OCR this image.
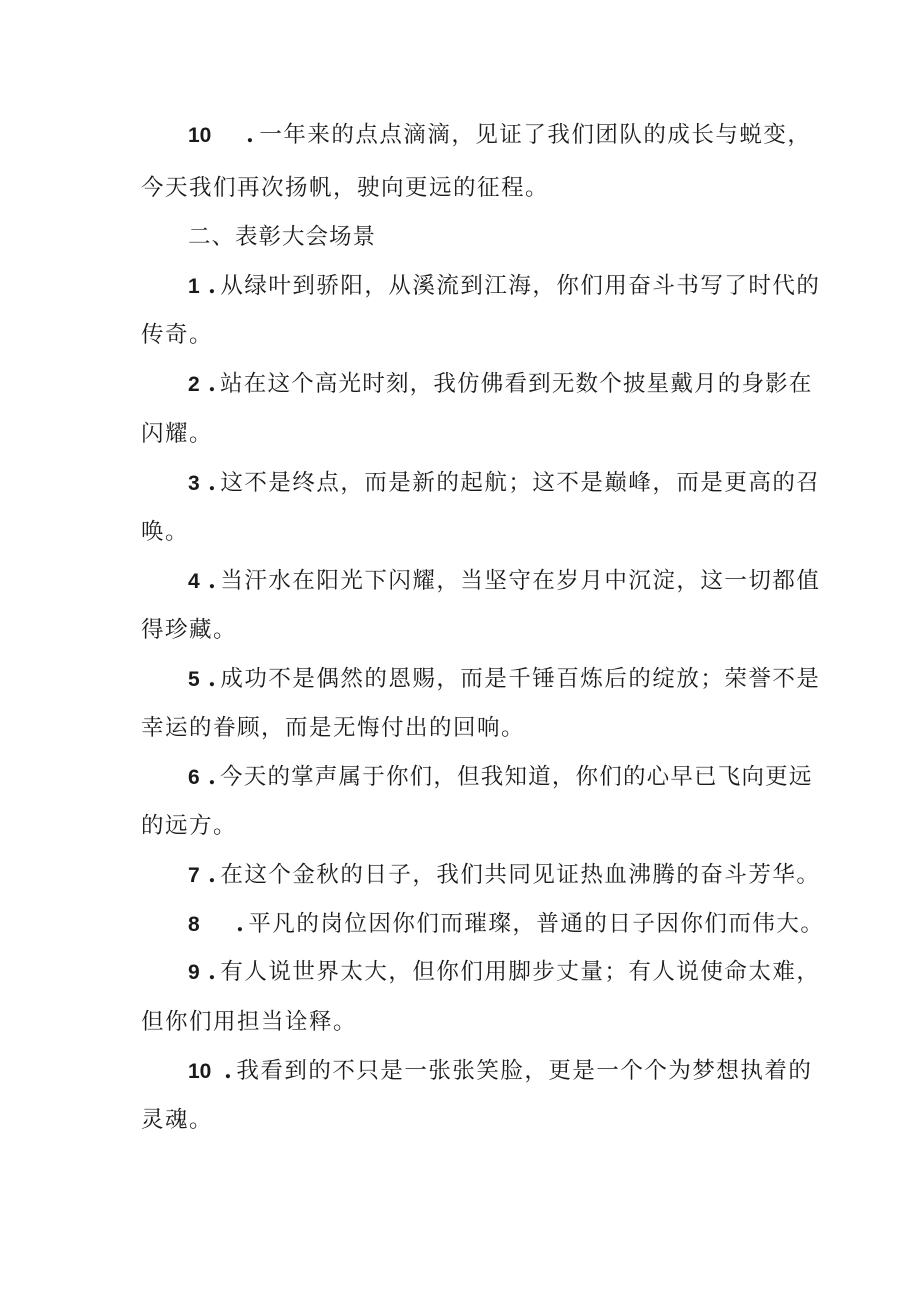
10 . 一年来的点点滴滴，见证了我们团队的成长与蜕变，
今天我们再次扬帆，驶向更远的征程。
二、表彰大会场景
1 . 从绿叶到骄阳，从溪流到江海，你们用奋斗书写了时代的
传奇。
2 . 站在这个高光时刻，我仿佛看到无数个披星戴月的身影在
闪耀。
3 . 这不是终点，而是新的起航；这不是巅峰，而是更高的召
唤。
4 . 当汗水在阳光下闪耀，当坚守在岁月中沉淀，这一切都值
得珍藏。
5 . 成功不是偶然的恩赐，而是千锤百炼后的绽放；荣誉不是
幸运的眷顾，而是无悔付出的回响。
6 . 今天的掌声属于你们，但我知道，你们的心早已飞向更远
的远方。
7 . 在这个金秋的日子，我们共同见证热血沸腾的奋斗芳华。
8 . 平凡的岗位因你们而璀璨，普通的日子因你们而伟大。
9 . 有人说世界太大，但你们用脚步丈量；有人说使命太难，
但你们用担当诠释。
10 . 我看到的不只是一张张笑脸，更是一个个为梦想执着的
灵魂。
